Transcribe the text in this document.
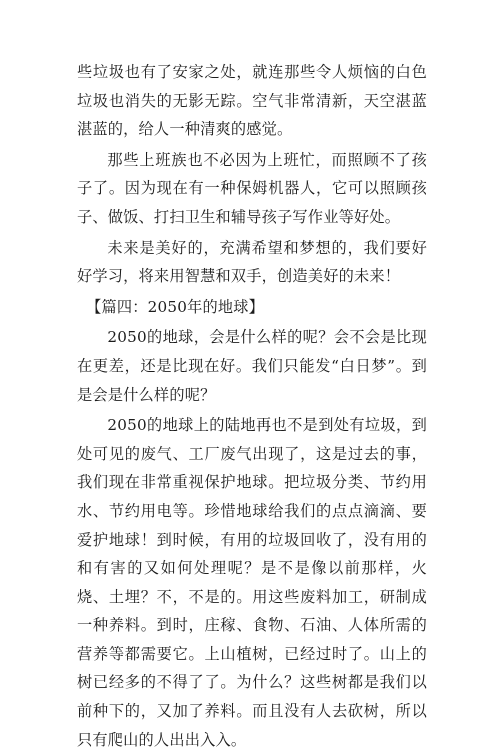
些垃圾也有了安家之处，就连那些令人烦恼的白色垃圾也消失的无影无踪。空气非常清新，天空湛蓝湛蓝的，给人一种清爽的感觉。

那些上班族也不必因为上班忙，而照顾不了孩子了。因为现在有一种保姆机器人，它可以照顾孩子、做饭、打扫卫生和辅导孩子写作业等好处。

未来是美好的，充满希望和梦想的，我们要好好学习，将来用智慧和双手，创造美好的未来！

【篇四：2050年的地球】

2050的地球，会是什么样的呢？会不会是比现在更差，还是比现在好。我们只能发“白日梦”。到是会是什么样的呢？

2050的地球上的陆地再也不是到处有垃圾，到处可见的废气、工厂废气出现了，这是过去的事，我们现在非常重视保护地球。把垃圾分类、节约用水、节约用电等。珍惜地球给我们的点点滴滴、要爱护地球！到时候，有用的垃圾回收了，没有用的和有害的又如何处理呢？是不是像以前那样，火烧、土埋？不，不是的。用这些废料加工，研制成一种养料。到时，庄稼、食物、石油、人体所需的营养等都需要它。上山植树，已经过时了。山上的树已经多的不得了了。为什么？这些树都是我们以前种下的，又加了养料。而且没有人去砍树，所以只有爬山的人出出入入。
